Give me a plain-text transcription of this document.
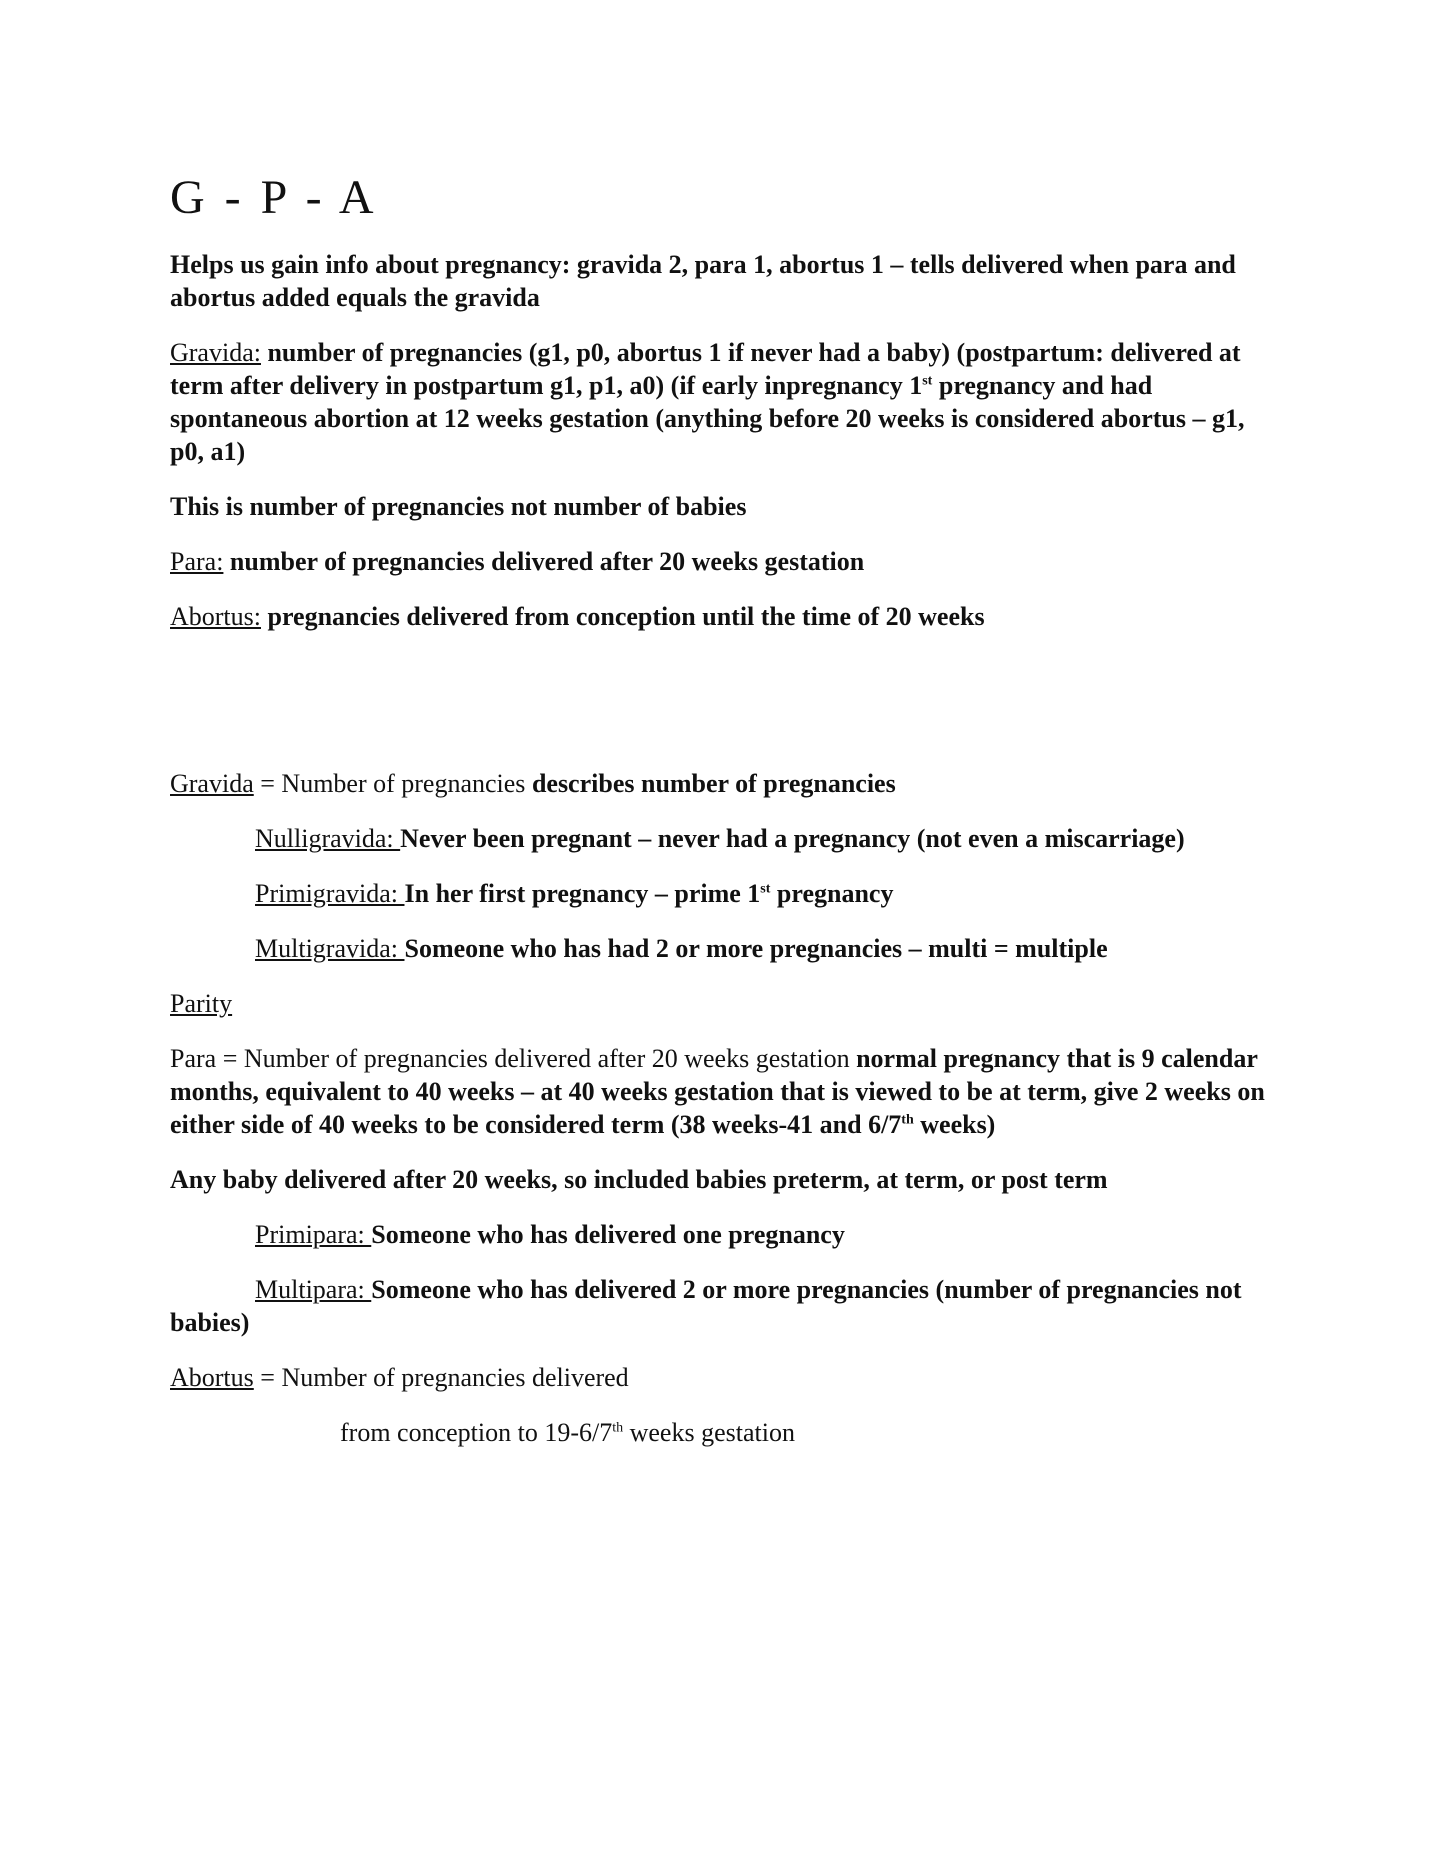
G - P - A

Helps us gain info about pregnancy: gravida 2, para 1, abortus 1 – tells delivered when para and abortus added equals the gravida

Gravida: number of pregnancies (g1, p0, abortus 1 if never had a baby) (postpartum: delivered at term after delivery in postpartum g1, p1, a0) (if early inpregnancy 1st pregnancy and had spontaneous abortion at 12 weeks gestation (anything before 20 weeks is considered abortus – g1, p0, a1)

This is number of pregnancies not number of babies

Para: number of pregnancies delivered after 20 weeks gestation

Abortus: pregnancies delivered from conception until the time of 20 weeks

Gravida = Number of pregnancies describes number of pregnancies

Nulligravida: Never been pregnant – never had a pregnancy (not even a miscarriage)

Primigravida: In her first pregnancy – prime 1st pregnancy

Multigravida: Someone who has had 2 or more pregnancies – multi = multiple

Parity

Para = Number of pregnancies delivered after 20 weeks gestation normal pregnancy that is 9 calendar months, equivalent to 40 weeks – at 40 weeks gestation that is viewed to be at term, give 2 weeks on either side of 40 weeks to be considered term (38 weeks-41 and 6/7th weeks)

Any baby delivered after 20 weeks, so included babies preterm, at term, or post term

Primipara: Someone who has delivered one pregnancy

Multipara: Someone who has delivered 2 or more pregnancies (number of pregnancies not babies)

Abortus = Number of pregnancies delivered

from conception to 19-6/7th weeks gestation
